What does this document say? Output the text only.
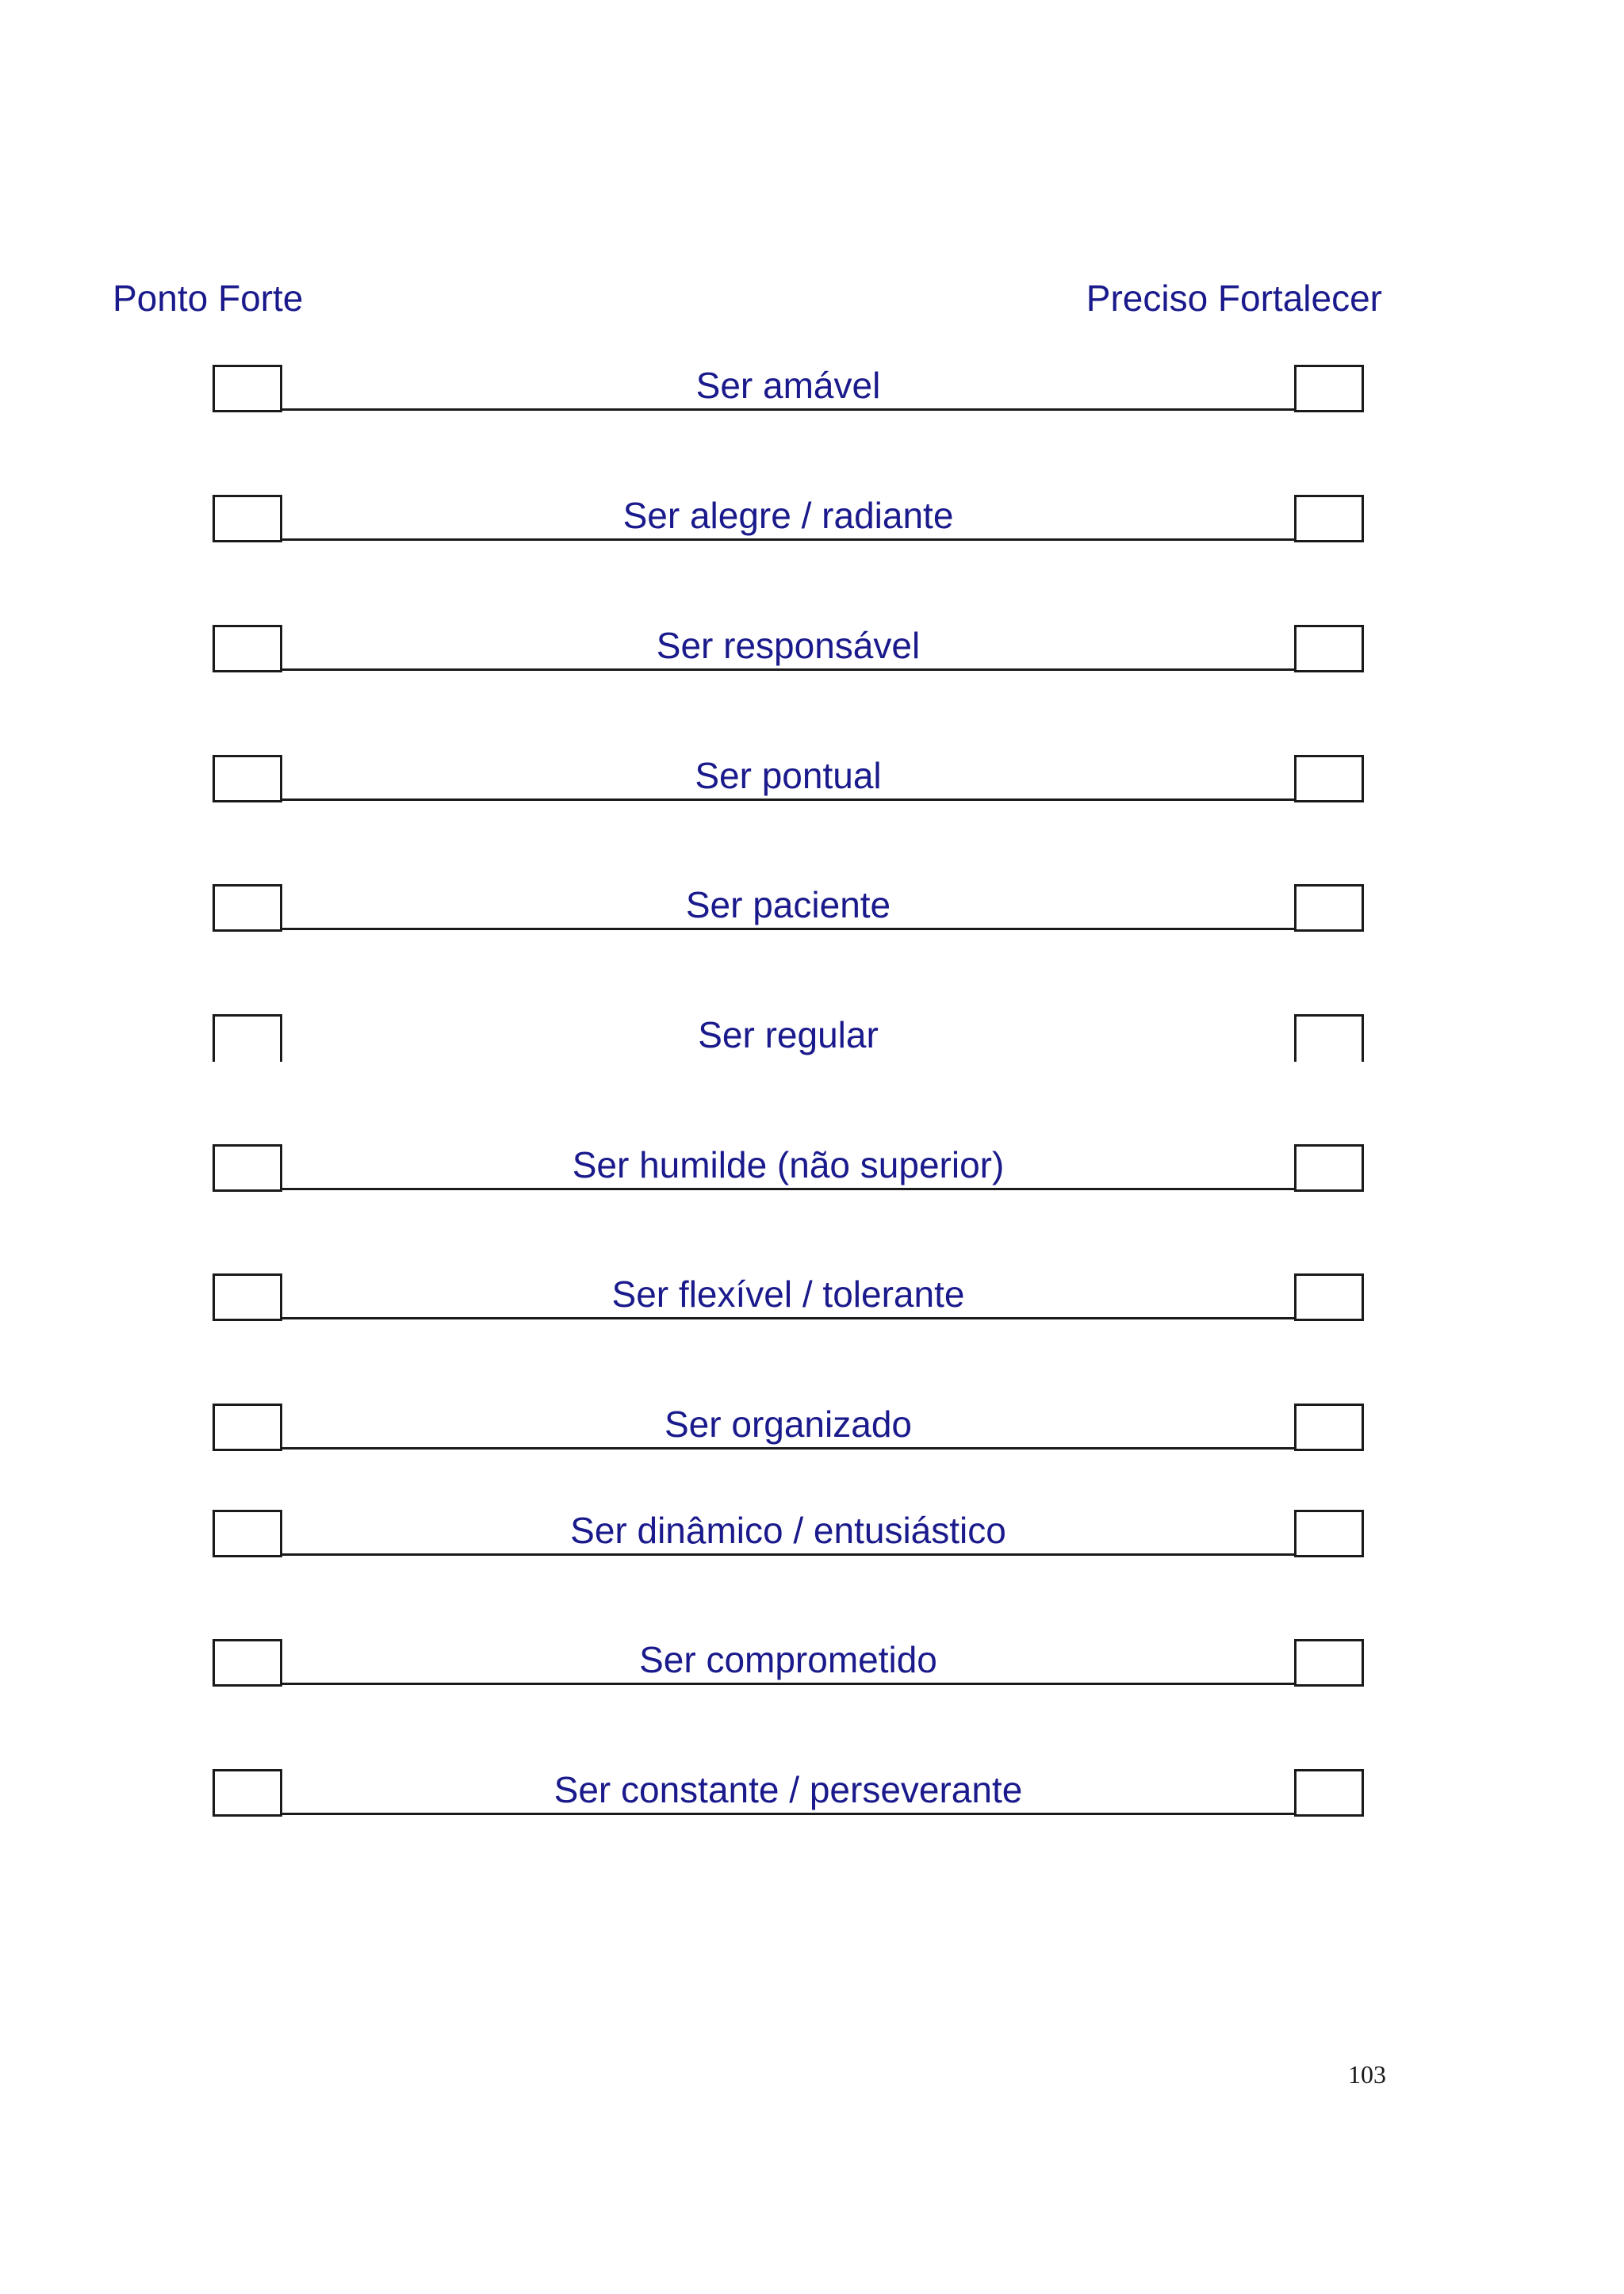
Ponto Forte	Preciso Fortalecer
Ser amável
Ser alegre / radiante
Ser responsável
Ser pontual
Ser paciente
Ser regular
Ser humilde (não superior)
Ser flexível / tolerante
Ser organizado
Ser dinâmico / entusiástico
Ser comprometido
Ser constante / perseverante
103
